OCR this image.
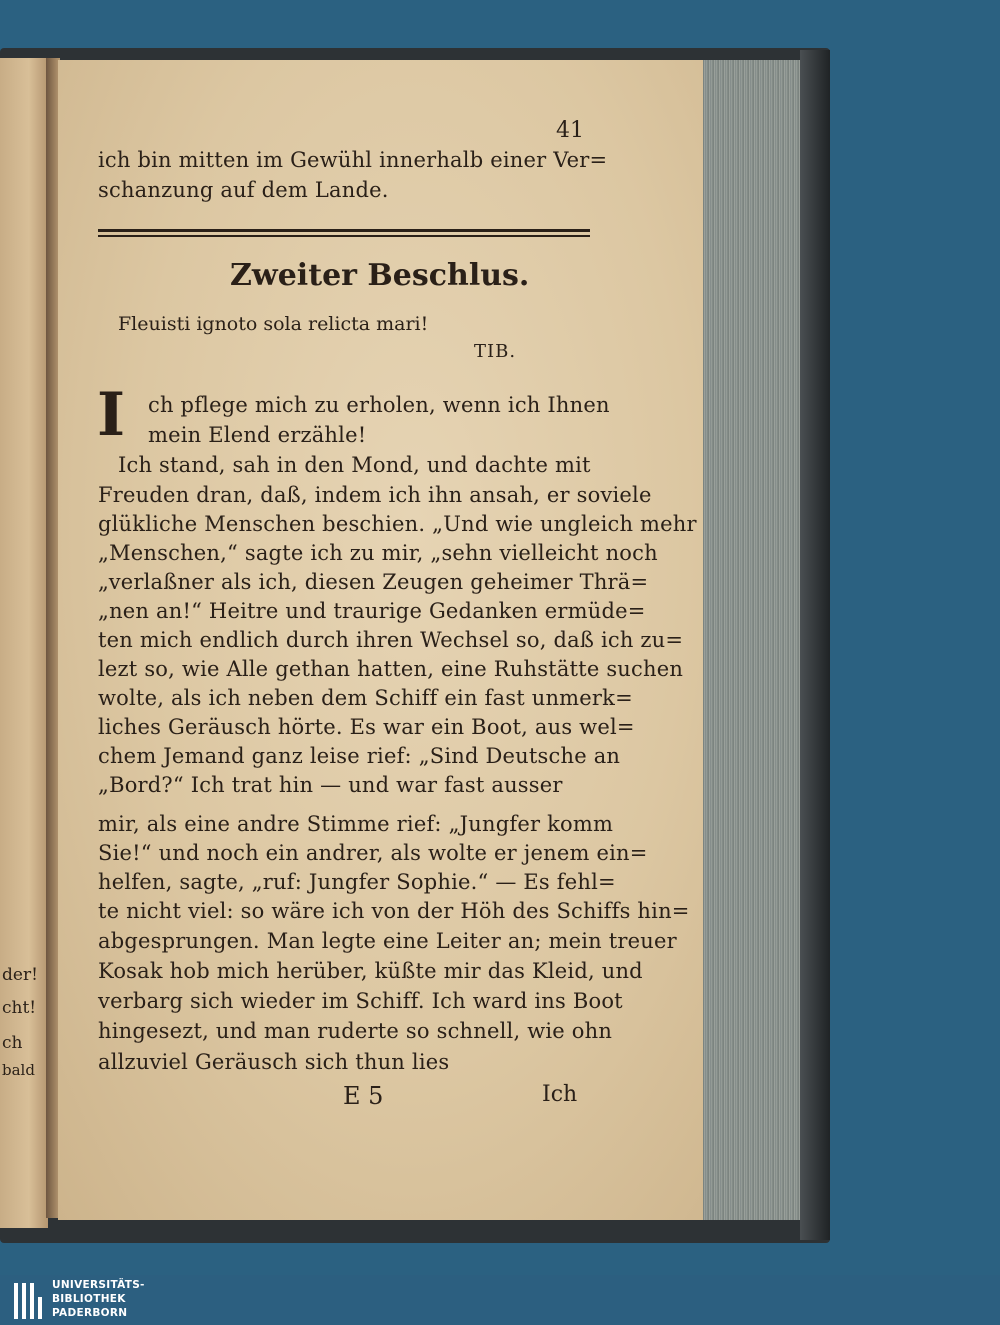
der!
cht!
ch
bald
41
ich bin mitten im Gewühl innerhalb einer Ver=
schanzung auf dem Lande.
Zweiter Beschlus.
Fleuisti ignoto sola relicta mari!
TIB.
I ch pflege mich zu erholen, wenn ich Ihnen
mein Elend erzähle!
Ich stand, sah in den Mond, und dachte mit
Freuden dran, daß, indem ich ihn ansah, er soviele
glükliche Menschen beschien. „Und wie ungleich mehr
„Menschen,“ sagte ich zu mir, „sehn vielleicht noch
„verlaßner als ich, diesen Zeugen geheimer Thrä=
„nen an!“ Heitre und traurige Gedanken ermüde=
ten mich endlich durch ihren Wechsel so, daß ich zu=
lezt so, wie Alle gethan hatten, eine Ruhstätte suchen
wolte, als ich neben dem Schiff ein fast unmerk=
liches Geräusch hörte. Es war ein Boot, aus wel=
chem Jemand ganz leise rief: „Sind Deutsche an
„Bord?“ Ich trat hin — und war fast ausser
mir, als eine andre Stimme rief: „Jungfer komm
Sie!“ und noch ein andrer, als wolte er jenem ein=
helfen, sagte, „ruf: Jungfer Sophie.“ — Es fehl=
te nicht viel: so wäre ich von der Höh des Schiffs hin=
abgesprungen. Man legte eine Leiter an; mein treuer
Kosak hob mich herüber, küßte mir das Kleid, und
verbarg sich wieder im Schiff. Ich ward ins Boot
hingesezt, und man ruderte so schnell, wie ohn
allzuviel Geräusch sich thun lies
E 5	Ich
UNIVERSITÄTS-
BIBLIOTHEK
PADERBORN
